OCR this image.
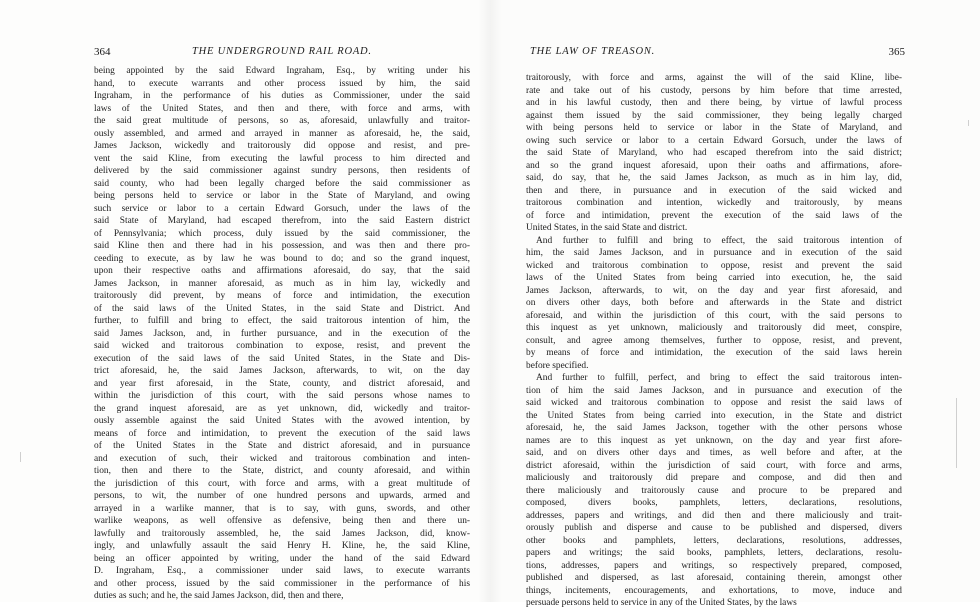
364	THE UNDERGROUND RAIL ROAD.
being appointed by the said Edward Ingraham, Esq., by writing under his
hand, to execute warrants and other process issued by him, the said
Ingraham, in the performance of his duties as Commissioner, under the said
laws of the United States, and then and there, with force and arms, with
the said great multitude of persons, so as, aforesaid, unlawfully and traitor-
ously assembled, and armed and arrayed in manner as aforesaid, he, the said,
James Jackson, wickedly and traitorously did oppose and resist, and pre-
vent the said Kline, from executing the lawful process to him directed and
delivered by the said commissioner against sundry persons, then residents of
said county, who had been legally charged before the said commissioner as
being persons held to service or labor in the State of Maryland, and owing
such service or labor to a certain Edward Gorsuch, under the laws of the
said State of Maryland, had escaped therefrom, into the said Eastern district
of Pennsylvania; which process, duly issued by the said commissioner, the
said Kline then and there had in his possession, and was then and there pro-
ceeding to execute, as by law he was bound to do; and so the grand inquest,
upon their respective oaths and affirmations aforesaid, do say, that the said
James Jackson, in manner aforesaid, as much as in him lay, wickedly and
traitorously did prevent, by means of force and intimidation, the execution
of the said laws of the United States, in the said State and District. And
further, to fulfill and bring to effect, the said traitorous intention of him, the
said James Jackson, and, in further pursuance, and in the execution of the
said wicked and traitorous combination to expose, resist, and prevent the
execution of the said laws of the said United States, in the State and Dis-
trict aforesaid, he, the said James Jackson, afterwards, to wit, on the day
and year first aforesaid, in the State, county, and district aforesaid, and
within the jurisdiction of this court, with the said persons whose names to
the grand inquest aforesaid, are as yet unknown, did, wickedly and traitor-
ously assemble against the said United States with the avowed intention, by
means of force and intimidation, to prevent the execution of the said laws
of the United States in the State and district aforesaid, and in pursuance
and execution of such, their wicked and traitorous combination and inten-
tion, then and there to the State, district, and county aforesaid, and within
the jurisdiction of this court, with force and arms, with a great multitude of
persons, to wit, the number of one hundred persons and upwards, armed and
arrayed in a warlike manner, that is to say, with guns, swords, and other
warlike weapons, as well offensive as defensive, being then and there un-
lawfully and traitorously assembled, he, the said James Jackson, did, know-
ingly, and unlawfully assault the said Henry H. Kline, he, the said Kline,
being an officer appointed by writing, under the hand of the said Edward
D. Ingraham, Esq., a commissioner under said laws, to execute warrants
and other process, issued by the said commissioner in the performance of his
duties as such; and he, the said James Jackson, did, then and there,
THE LAW OF TREASON.	365
traitorously, with force and arms, against the will of the said Kline, libe-
rate and take out of his custody, persons by him before that time arrested,
and in his lawful custody, then and there being, by virtue of lawful process
against them issued by the said commissioner, they being legally charged
with being persons held to service or labor in the State of Maryland, and
owing such service or labor to a certain Edward Gorsuch, under the laws of
the said State of Maryland, who had escaped therefrom into the said district;
and so the grand inquest aforesaid, upon their oaths and affirmations, afore-
said, do say, that he, the said James Jackson, as much as in him lay, did,
then and there, in pursuance and in execution of the said wicked and
traitorous combination and intention, wickedly and traitorously, by means
of force and intimidation, prevent the execution of the said laws of the
United States, in the said State and district.
And further to fulfill and bring to effect, the said traitorous intention of
him, the said James Jackson, and in pursuance and in execution of the said
wicked and traitorous combination to oppose, resist and prevent the said
laws of the United States from being carried into execution, he, the said
James Jackson, afterwards, to wit, on the day and year first aforesaid, and
on divers other days, both before and afterwards in the State and district
aforesaid, and within the jurisdiction of this court, with the said persons to
this inquest as yet unknown, maliciously and traitorously did meet, conspire,
consult, and agree among themselves, further to oppose, resist, and prevent,
by means of force and intimidation, the execution of the said laws herein
before specified.
And further to fulfill, perfect, and bring to effect the said traitorous inten-
tion of him the said James Jackson, and in pursuance and execution of the
said wicked and traitorous combination to oppose and resist the said laws of
the United States from being carried into execution, in the State and district
aforesaid, he, the said James Jackson, together with the other persons whose
names are to this inquest as yet unknown, on the day and year first afore-
said, and on divers other days and times, as well before and after, at the
district aforesaid, within the jurisdiction of said court, with force and arms,
maliciously and traitorously did prepare and compose, and did then and
there maliciously and traitorously cause and procure to be prepared and
composed, divers books, pamphlets, letters, declarations, resolutions,
addresses, papers and writings, and did then and there maliciously and trait-
orously publish and disperse and cause to be published and dispersed, divers
other books and pamphlets, letters, declarations, resolutions, addresses,
papers and writings; the said books, pamphlets, letters, declarations, resolu-
tions, addresses, papers and writings, so respectively prepared, composed,
published and dispersed, as last aforesaid, containing therein, amongst other
things, incitements, encouragements, and exhortations, to move, induce and
persuade persons held to service in any of the United States, by the laws
